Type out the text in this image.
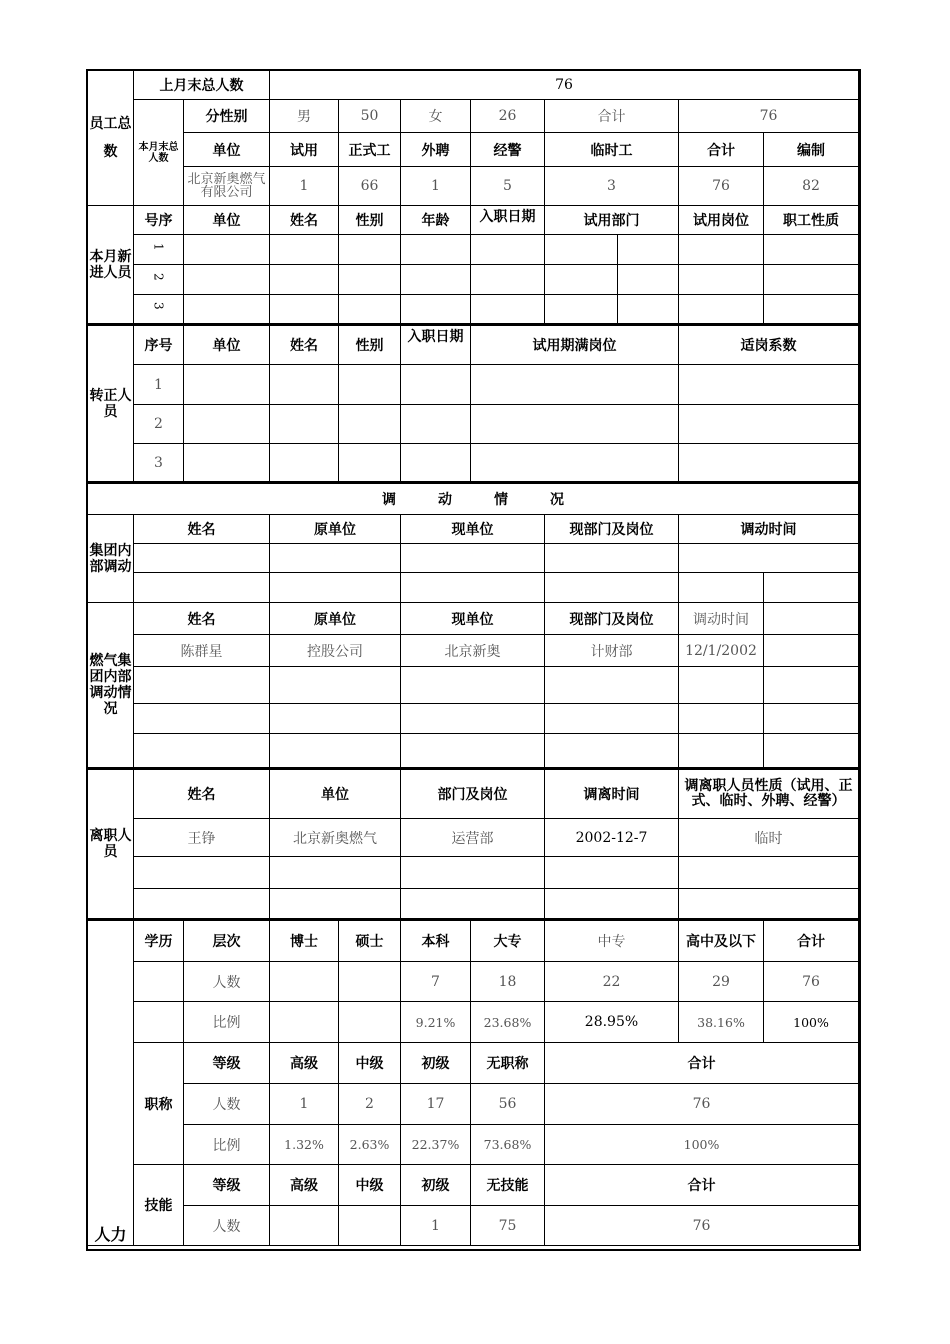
员工总数	上月末总人数		76							
	本月末总人数	分性别	男	50	女	26	合计		76	
		单位	试用	正式工	外聘	经警	临时工		合计	编制
		北京新奥燃气有限公司	1	66	1	5	3		76	82
本月新进人员	号序	单位	姓名	性别	年龄	入职日期	试用部门		试用岗位	职工性质
	1									
	2									
	3									
转正人员	序号	单位	姓名	性别	入职日期	试用期满岗位			适岗系数	
	1									
	2									
	3									
调　　　动　　　情　　　况										
集团内部调动	姓名		原单位		现单位		现部门及岗位		调动时间	

燃气集团内部调动情况	姓名		原单位		现单位		现部门及岗位		调动时间	
	陈群星		控股公司		北京新奥		计财部		12/1/2002	

离职人员	姓名		单位		部门及岗位		调离时间		调离职人员性质（试用、正式、临时、外聘、经警）	
	王铮		北京新奥燃气		运营部		2002-12-7		临时	

人力	学历	层次	博士	硕士	本科	大专	中专		高中及以下	合计
		人数			7	18	22		29	76
		比例			9.21%	23.68%	28.95%		38.16%	100%
	职称	等级	高级	中级	初级	无职称	合计			
		人数	1	2	17	56	76			
		比例	1.32%	2.63%	22.37%	73.68%	100%			
	技能	等级	高级	中级	初级	无技能	合计			
		人数			1	75	76			
